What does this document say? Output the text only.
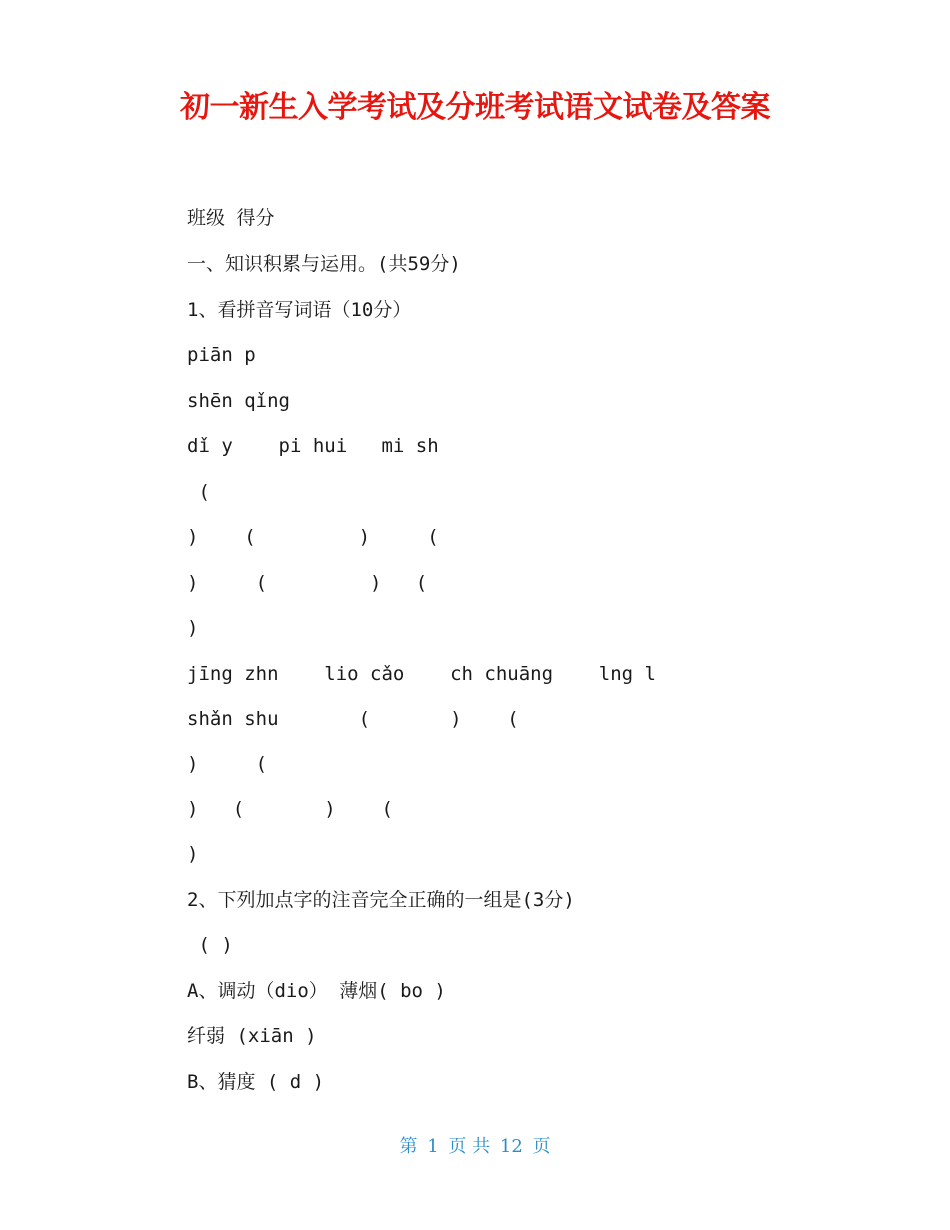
初一新生入学考试及分班考试语文试卷及答案
班级 得分
一、知识积累与运用。(共59分)
1、看拼音写词语（10分）
piān p
shēn qǐng
dǐ y    pi hui   mi sh
(
)    (         )     (
)     (         )   (
)
jīng zhn    lio cǎo    ch chuāng    lng l
shǎn shu       (       )    (
)     (
)   (       )    (
)
2、下列加点字的注音完全正确的一组是(3分)
( )
A、调动（dio） 薄烟( bo )
纤弱 (xiān )
B、猜度 ( d )
第 1 页 共 12 页
